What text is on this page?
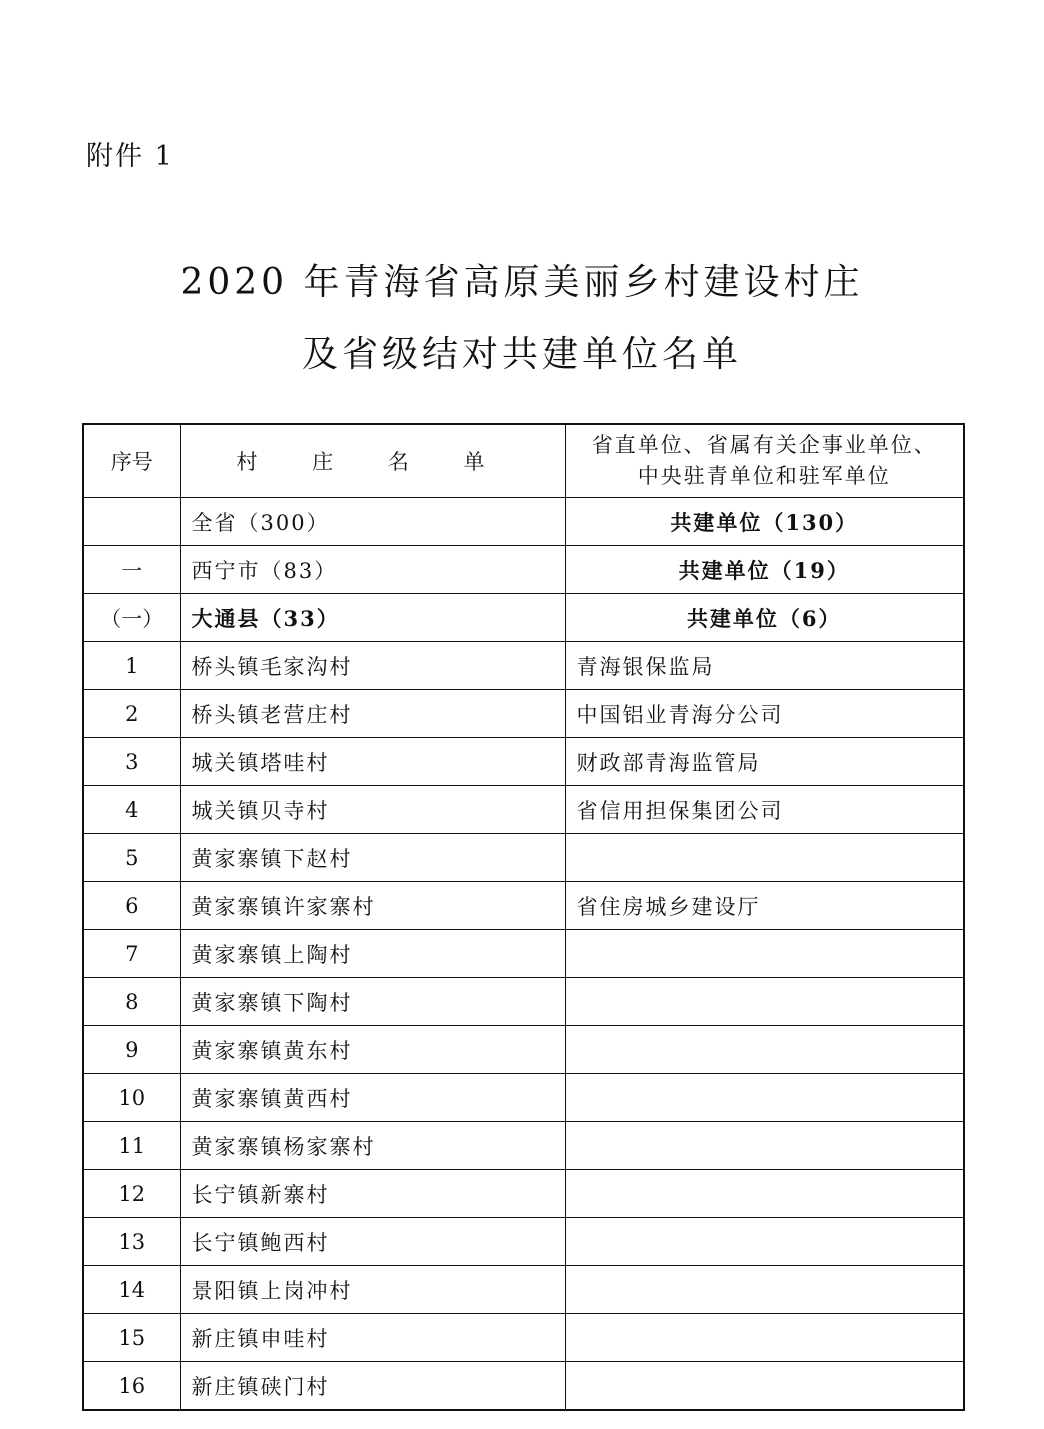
附件 1
2020 年青海省高原美丽乡村建设村庄
及省级结对共建单位名单
序号	村 庄 名 单	省直单位、省属有关企事业单位、
中央驻青单位和驻军单位

	全省（300）	共建单位（130）
一	西宁市（83）	共建单位（19）
（一）	大通县（33）	共建单位（6）
1	桥头镇毛家沟村	青海银保监局
2	桥头镇老营庄村	中国铝业青海分公司
3	城关镇塔哇村	财政部青海监管局
4	城关镇贝寺村	省信用担保集团公司
5	黄家寨镇下赵村	
6	黄家寨镇许家寨村	省住房城乡建设厅
7	黄家寨镇上陶村	
8	黄家寨镇下陶村	
9	黄家寨镇黄东村	
10	黄家寨镇黄西村	
11	黄家寨镇杨家寨村	
12	长宁镇新寨村	
13	长宁镇鲍西村	
14	景阳镇上岗冲村	
15	新庄镇申哇村	
16	新庄镇硖门村	
